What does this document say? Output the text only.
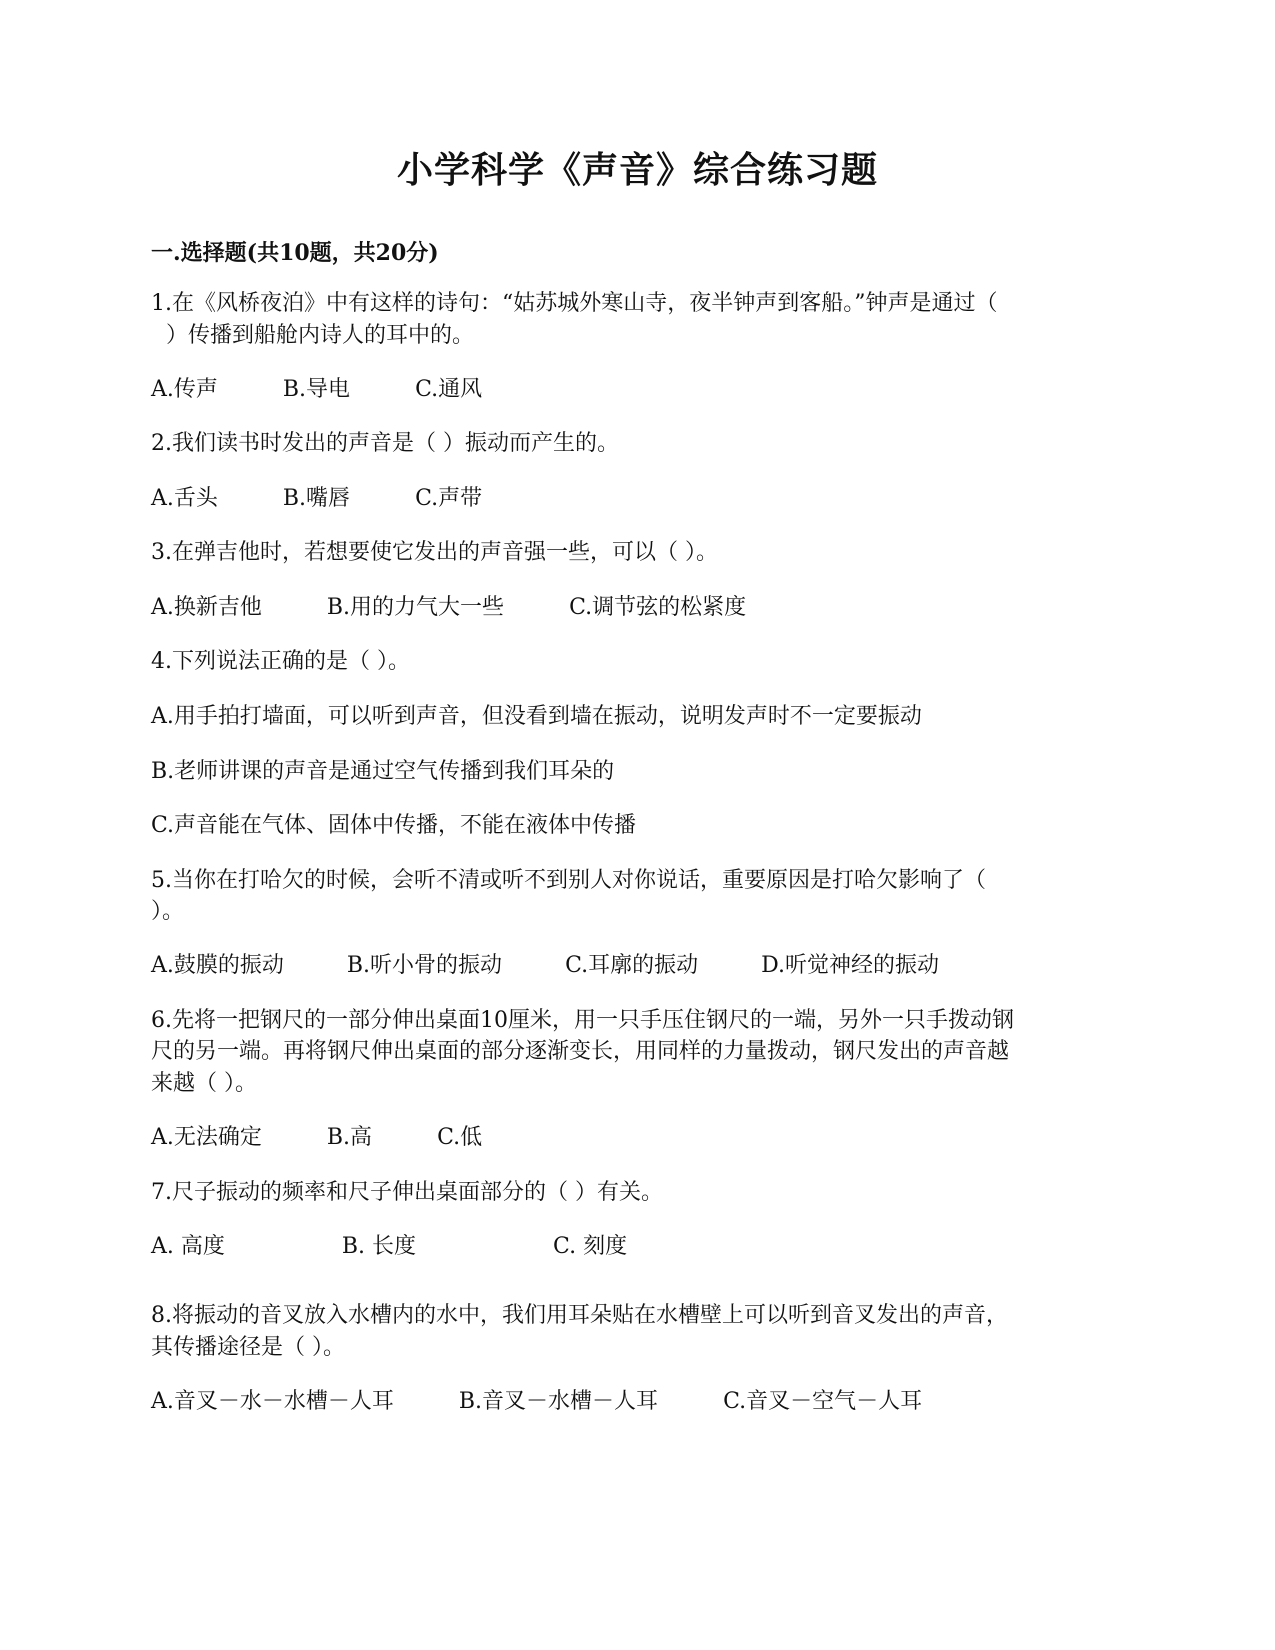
小学科学《声音》综合练习题
一.选择题(共10题，共20分)
1.在《风桥夜泊》中有这样的诗句：“姑苏城外寒山寺，夜半钟声到客船。”钟声是通过（
）传播到船舱内诗人的耳中的。
A.传声	B.导电	C.通风
2.我们读书时发出的声音是（ ）振动而产生的。
A.舌头	B.嘴唇	C.声带
3.在弹吉他时，若想要使它发出的声音强一些，可以（ ）。
A.换新吉他	B.用的力气大一些	C.调节弦的松紧度
4.下列说法正确的是（ ）。
A.用手拍打墙面，可以听到声音，但没看到墙在振动，说明发声时不一定要振动
B.老师讲课的声音是通过空气传播到我们耳朵的
C.声音能在气体、固体中传播，不能在液体中传播
5.当你在打哈欠的时候，会听不清或听不到别人对你说话，重要原因是打哈欠影响了（
）。
A.鼓膜的振动	B.听小骨的振动	C.耳廓的振动	D.听觉神经的振动
6.先将一把钢尺的一部分伸出桌面10厘米，用一只手压住钢尺的一端，另外一只手拨动钢
尺的另一端。再将钢尺伸出桌面的部分逐渐变长，用同样的力量拨动，钢尺发出的声音越
来越（ ）。
A.无法确定	B.高	C.低
7.尺子振动的频率和尺子伸出桌面部分的（ ）有关。
A. 高度	B. 长度	C. 刻度
8.将振动的音叉放入水槽内的水中，我们用耳朵贴在水槽壁上可以听到音叉发出的声音，
其传播途径是（ ）。
A.音叉－水－水槽－人耳	B.音叉－水槽－人耳	C.音叉－空气－人耳
